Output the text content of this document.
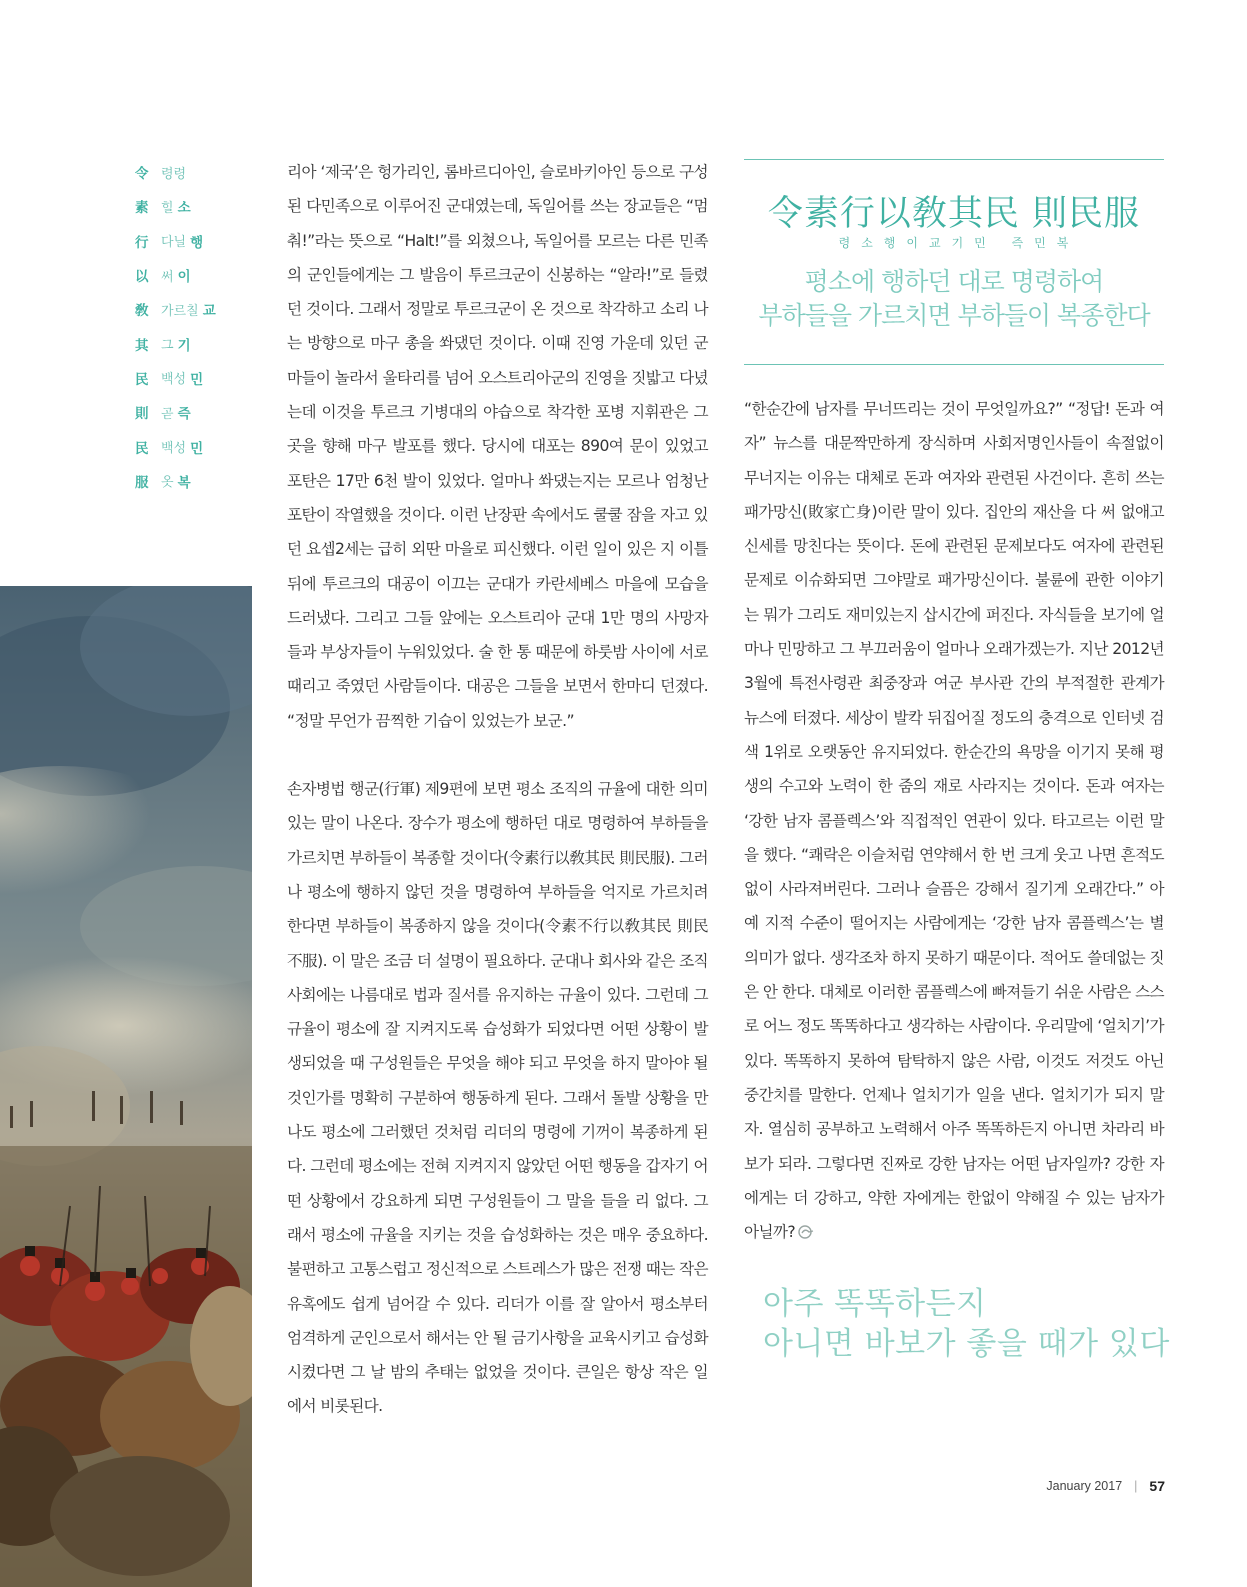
令 령령
素 힐 소
行 다닐 행
以 써 이
敎 가르칠 교
其 그 기
民 백성 민
則 곧 즉
民 백성 민
服 옷 복

리아 ‘제국’은 헝가리인, 롬바르디아인, 슬로바키아인 등으로 구성된 다민족으로 이루어진 군대였는데, 독일어를 쓰는 장교들은 “멈춰!”라는 뜻으로 “Halt!”를 외쳤으나, 독일어를 모르는 다른 민족의 군인들에게는 그 발음이 투르크군이 신봉하는 “알라!”로 들렸던 것이다. 그래서 정말로 투르크군이 온 것으로 착각하고 소리 나는 방향으로 마구 총을 쏴댔던 것이다. 이때 진영 가운데 있던 군마들이 놀라서 울타리를 넘어 오스트리아군의 진영을 짓밟고 다녔는데 이것을 투르크 기병대의 야습으로 착각한 포병 지휘관은 그곳을 향해 마구 발포를 했다. 당시에 대포는 890여 문이 있었고 포탄은 17만 6천 발이 있었다. 얼마나 쏴댔는지는 모르나 엄청난 포탄이 작열했을 것이다. 이런 난장판 속에서도 쿨쿨 잠을 자고 있던 요셉2세는 급히 외딴 마을로 피신했다. 이런 일이 있은 지 이틀 뒤에 투르크의 대공이 이끄는 군대가 카란세베스 마을에 모습을 드러냈다. 그리고 그들 앞에는 오스트리아 군대 1만 명의 사망자들과 부상자들이 누워있었다. 술 한 통 때문에 하룻밤 사이에 서로 때리고 죽였던 사람들이다. 대공은 그들을 보면서 한마디 던졌다. “정말 무언가 끔찍한 기습이 있었는가 보군.”

손자병법 행군(行軍) 제9편에 보면 평소 조직의 규율에 대한 의미 있는 말이 나온다. 장수가 평소에 행하던 대로 명령하여 부하들을 가르치면 부하들이 복종할 것이다(令素行以敎其民 則民服). 그러나 평소에 행하지 않던 것을 명령하여 부하들을 억지로 가르치려 한다면 부하들이 복종하지 않을 것이다(令素不行以敎其民 則民不服). 이 말은 조금 더 설명이 필요하다. 군대나 회사와 같은 조직사회에는 나름대로 법과 질서를 유지하는 규율이 있다. 그런데 그 규율이 평소에 잘 지켜지도록 습성화가 되었다면 어떤 상황이 발생되었을 때 구성원들은 무엇을 해야 되고 무엇을 하지 말아야 될 것인가를 명확히 구분하여 행동하게 된다. 그래서 돌발 상황을 만나도 평소에 그러했던 것처럼 리더의 명령에 기꺼이 복종하게 된다. 그런데 평소에는 전혀 지켜지지 않았던 어떤 행동을 갑자기 어떤 상황에서 강요하게 되면 구성원들이 그 말을 들을 리 없다. 그래서 평소에 규율을 지키는 것을 습성화하는 것은 매우 중요하다. 불편하고 고통스럽고 정신적으로 스트레스가 많은 전쟁 때는 작은 유혹에도 쉽게 넘어갈 수 있다. 리더가 이를 잘 알아서 평소부터 엄격하게 군인으로서 해서는 안 될 금기사항을 교육시키고 습성화시켰다면 그 날 밤의 추태는 없었을 것이다. 큰일은 항상 작은 일에서 비롯된다.

令素行以敎其民 則民服
령소행이교기민 즉민복
평소에 행하던 대로 명령하여
부하들을 가르치면 부하들이 복종한다

“한순간에 남자를 무너뜨리는 것이 무엇일까요?” “정답! 돈과 여자” 뉴스를 대문짝만하게 장식하며 사회저명인사들이 속절없이 무너지는 이유는 대체로 돈과 여자와 관련된 사건이다. 흔히 쓰는 패가망신(敗家亡身)이란 말이 있다. 집안의 재산을 다 써 없애고 신세를 망친다는 뜻이다. 돈에 관련된 문제보다도 여자에 관련된 문제로 이슈화되면 그야말로 패가망신이다. 불륜에 관한 이야기는 뭐가 그리도 재미있는지 삽시간에 퍼진다. 자식들을 보기에 얼마나 민망하고 그 부끄러움이 얼마나 오래가겠는가. 지난 2012년 3월에 특전사령관 최중장과 여군 부사관 간의 부적절한 관계가 뉴스에 터졌다. 세상이 발칵 뒤집어질 정도의 충격으로 인터넷 검색 1위로 오랫동안 유지되었다. 한순간의 욕망을 이기지 못해 평생의 수고와 노력이 한 줌의 재로 사라지는 것이다. 돈과 여자는 ‘강한 남자 콤플렉스’와 직접적인 연관이 있다. 타고르는 이런 말을 했다. “쾌락은 이슬처럼 연약해서 한 번 크게 웃고 나면 흔적도 없이 사라져버린다. 그러나 슬픔은 강해서 질기게 오래간다.” 아예 지적 수준이 떨어지는 사람에게는 ‘강한 남자 콤플렉스’는 별 의미가 없다. 생각조차 하지 못하기 때문이다. 적어도 쓸데없는 짓은 안 한다. 대체로 이러한 콤플렉스에 빠져들기 쉬운 사람은 스스로 어느 정도 똑똑하다고 생각하는 사람이다. 우리말에 ‘얼치기’가 있다. 똑똑하지 못하여 탐탁하지 않은 사람, 이것도 저것도 아닌 중간치를 말한다. 언제나 얼치기가 일을 낸다. 얼치기가 되지 말자. 열심히 공부하고 노력해서 아주 똑똑하든지 아니면 차라리 바보가 되라. 그렇다면 진짜로 강한 남자는 어떤 남자일까? 강한 자에게는 더 강하고, 약한 자에게는 한없이 약해질 수 있는 남자가 아닐까?

아주 똑똑하든지
아니면 바보가 좋을 때가 있다
January 2017 | 57
